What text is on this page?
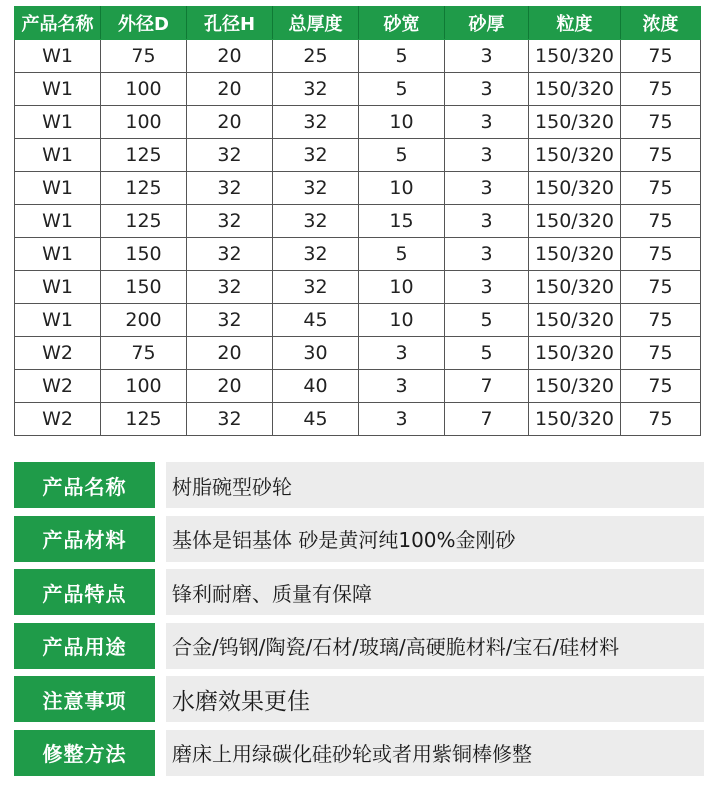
产品名称	外径D	孔径H	总厚度	砂宽	砂厚	粒度	浓度
W1	75	20	25	5	3	150/320	75
W1	100	20	32	5	3	150/320	75
W1	100	20	32	10	3	150/320	75
W1	125	32	32	5	3	150/320	75
W1	125	32	32	10	3	150/320	75
W1	125	32	32	15	3	150/320	75
W1	150	32	32	5	3	150/320	75
W1	150	32	32	10	3	150/320	75
W1	200	32	45	10	5	150/320	75
W2	75	20	30	3	5	150/320	75
W2	100	20	40	3	7	150/320	75
W2	125	32	45	3	7	150/320	75
产品名称	树脂碗型砂轮
产品材料	基体是铝基体 砂是黄河纯100%金刚砂
产品特点	锋利耐磨、质量有保障
产品用途	合金/钨钢/陶瓷/石材/玻璃/高硬脆材料/宝石/硅材料
注意事项	水磨效果更佳
修整方法	磨床上用绿碳化硅砂轮或者用紫铜棒修整
